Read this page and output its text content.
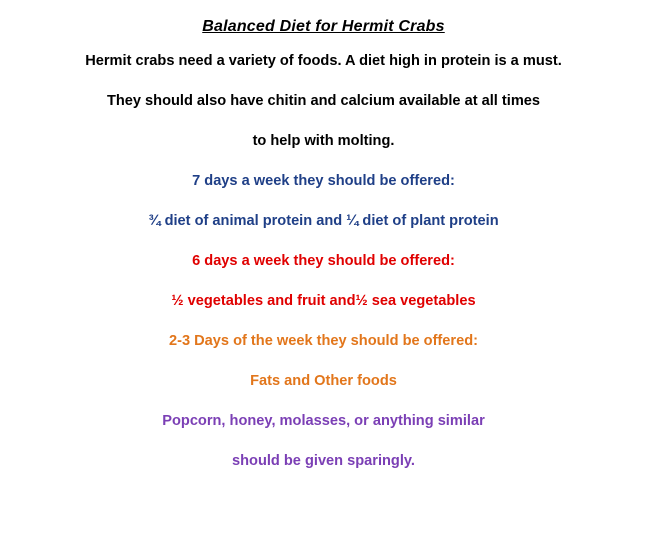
Balanced Diet for Hermit Crabs
Hermit crabs need a variety of foods. A diet high in protein is a must.
They should also have chitin and calcium available at all times
to help with molting.
7 days a week they should be offered:
¾ diet of animal protein and ¼ diet of plant protein
6 days a week they should be offered:
½ vegetables and fruit and½ sea vegetables
2-3 Days of the week they should be offered:
Fats and Other foods
Popcorn, honey, molasses, or anything similar
should be given sparingly.
